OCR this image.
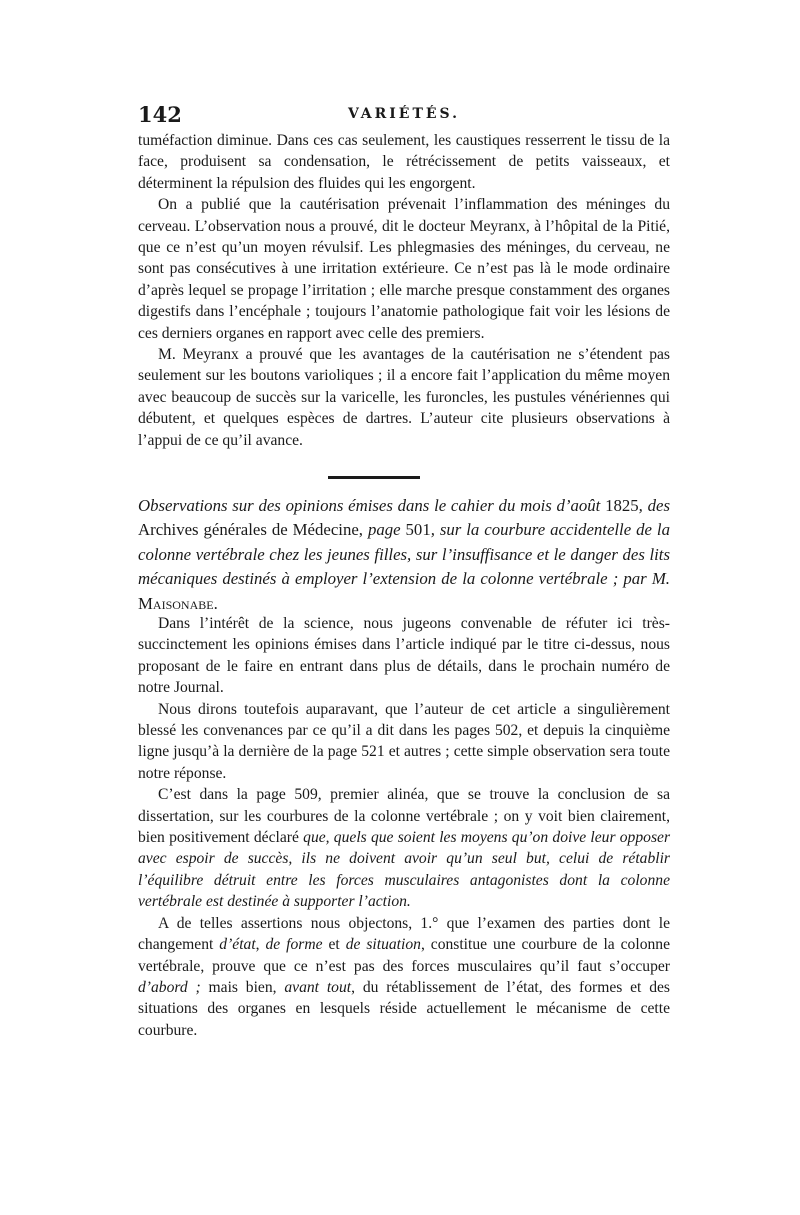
142	VARIÉTÉS.

tuméfaction diminue. Dans ces cas seulement, les caustiques resserrent le tissu de la face, produisent sa condensation, le rétrécissement de petits vaisseaux, et déterminent la répulsion des fluides qui les engorgent.

On a publié que la cautérisation prévenait l’inflammation des méninges du cerveau. L’observation nous a prouvé, dit le docteur Meyranx, à l’hôpital de la Pitié, que ce n’est qu’un moyen révulsif. Les phlegmasies des méninges, du cerveau, ne sont pas consécutives à une irritation extérieure. Ce n’est pas là le mode ordinaire d’après lequel se propage l’irritation ; elle marche presque constamment des organes digestifs dans l’encéphale ; toujours l’anatomie pathologique fait voir les lésions de ces derniers organes en rapport avec celle des premiers.

M. Meyranx a prouvé que les avantages de la cautérisation ne s’étendent pas seulement sur les boutons varioliques ; il a encore fait l’application du même moyen avec beaucoup de succès sur la varicelle, les furoncles, les pustules vénériennes qui débutent, et quelques espèces de dartres. L’auteur cite plusieurs observations à l’appui de ce qu’il avance.

Observations sur des opinions émises dans le cahier du mois d’août 1825, des Archives générales de Médecine, page 501, sur la courbure accidentelle de la colonne vertébrale chez les jeunes filles, sur l’insuffisance et le danger des lits mécaniques destinés à employer l’extension de la colonne vertébrale ; par M. Maisonabe.

Dans l’intérêt de la science, nous jugeons convenable de réfuter ici très-succinctement les opinions émises dans l’article indiqué par le titre ci-dessus, nous proposant de le faire en entrant dans plus de détails, dans le prochain numéro de notre Journal.

Nous dirons toutefois auparavant, que l’auteur de cet article a singulièrement blessé les convenances par ce qu’il a dit dans les pages 502, et depuis la cinquième ligne jusqu’à la dernière de la page 521 et autres ; cette simple observation sera toute notre réponse.

C’est dans la page 509, premier alinéa, que se trouve la conclusion de sa dissertation, sur les courbures de la colonne vertébrale ; on y voit bien clairement, bien positivement déclaré que, quels que soient les moyens qu’on doive leur opposer avec espoir de succès, ils ne doivent avoir qu’un seul but, celui de rétablir l’équilibre détruit entre les forces musculaires antagonistes dont la colonne vertébrale est destinée à supporter l’action.

A de telles assertions nous objectons, 1.° que l’examen des parties dont le changement d’état, de forme et de situation, constitue une courbure de la colonne vertébrale, prouve que ce n’est pas des forces musculaires qu’il faut s’occuper d’abord ; mais bien, avant tout, du rétablissement de l’état, des formes et des situations des organes en lesquels réside actuellement le mécanisme de cette courbure.
